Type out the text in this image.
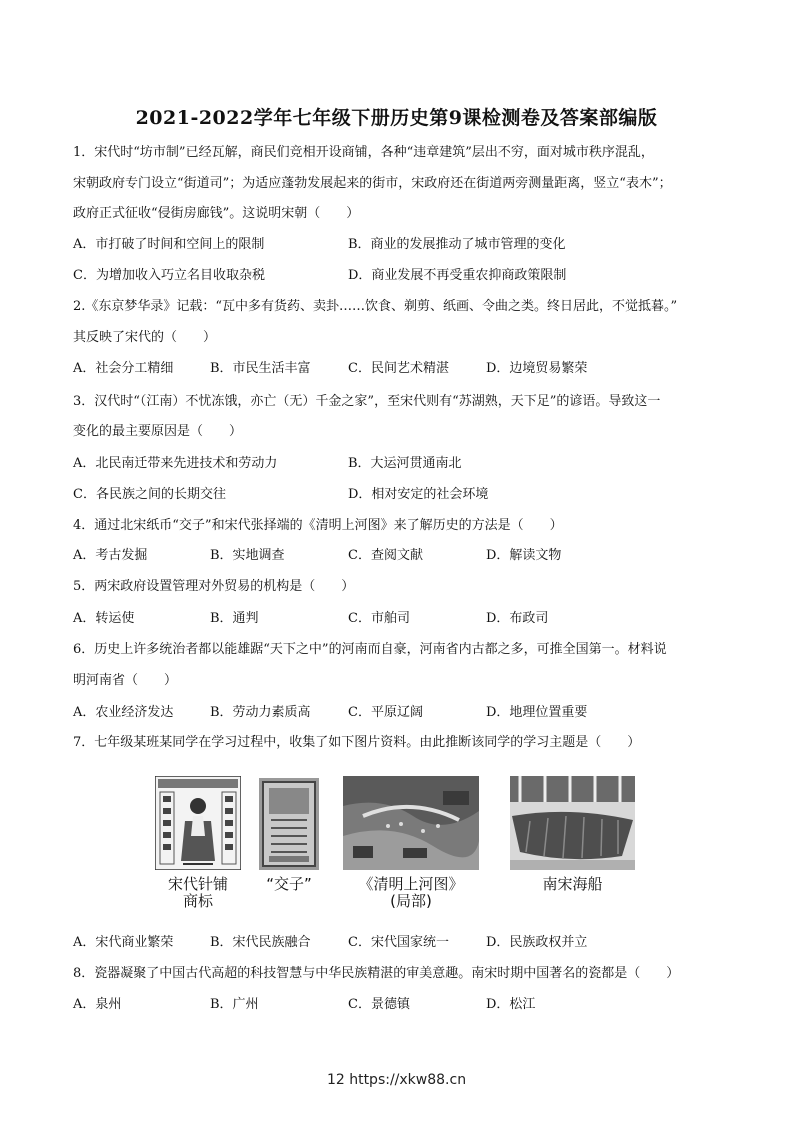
2021-2022学年七年级下册历史第9课检测卷及答案部编版
1．宋代时“坊市制”已经瓦解，商民们竞相开设商铺，各种“违章建筑”层出不穷，面对城市秩序混乱，
宋朝政府专门设立“街道司”；为适应蓬勃发展起来的街市，宋政府还在街道两旁测量距离，竖立“表木”；
政府正式征收“侵街房廊钱”。这说明宋朝（　　）
A．市打破了时间和空间上的限制	B．商业的发展推动了城市管理的变化
C．为增加收入巧立名目收取杂税	D．商业发展不再受重农抑商政策限制
2.《东京梦华录》记载：“瓦中多有货药、卖卦……饮食、剃剪、纸画、令曲之类。终日居此，不觉抵暮。”
其反映了宋代的（　　）
A．社会分工精细	B．市民生活丰富	C．民间艺术精湛	D．边境贸易繁荣
3．汉代时“（江南）不忧冻饿，亦亡（无）千金之家”，至宋代则有“苏湖熟，天下足”的谚语。导致这一
变化的最主要原因是（　　）
A．北民南迁带来先进技术和劳动力	B．大运河贯通南北
C．各民族之间的长期交往	D．相对安定的社会环境
4．通过北宋纸币“交子”和宋代张择端的《清明上河图》来了解历史的方法是（　　）
A．考古发掘	B．实地调查	C．查阅文献	D．解读文物
5．两宋政府设置管理对外贸易的机构是（　　）
A．转运使	B．通判	C．市舶司	D．布政司
6．历史上许多统治者都以能雄踞“天下之中”的河南而自豪，河南省内古都之多，可推全国第一。材料说
明河南省（　　）
A．农业经济发达	B．劳动力素质高	C．平原辽阔	D．地理位置重要
7．七年级某班某同学在学习过程中，收集了如下图片资料。由此推断该同学的学习主题是（　　）
宋代针铺
商标
“交子”	《清明上河图》
(局部)
南宋海船
A．宋代商业繁荣	B．宋代民族融合	C．宋代国家统一	D．民族政权并立
8．瓷器凝聚了中国古代高超的科技智慧与中华民族精湛的审美意趣。南宋时期中国著名的瓷都是（　　）
A．泉州	B．广州	C．景德镇	D．松江
12 https://xkw88.cn
